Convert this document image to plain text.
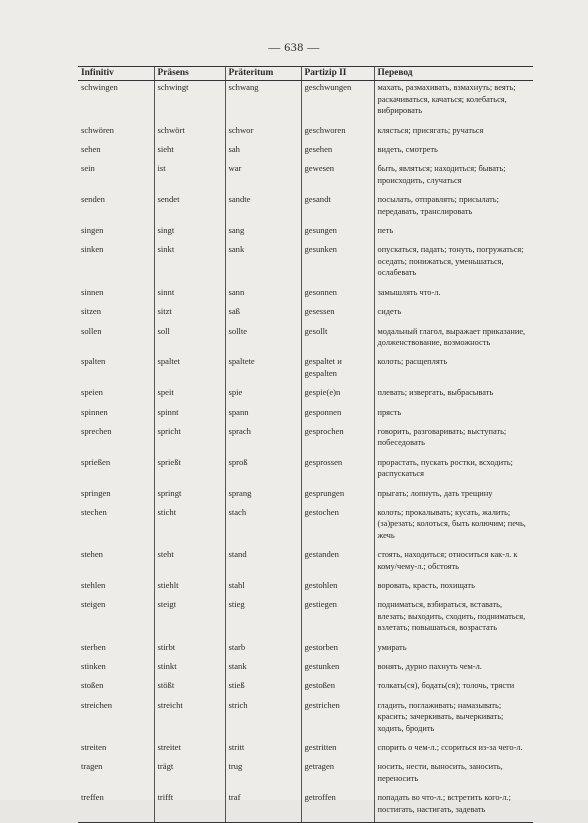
— 638 —
Infinitiv	Präsens	Präteritum	Partizip II	Перевод
schwingen	schwingt	schwang	geschwungen	махать, размахивать, взмахнуть; веять; раскачиваться, качаться; колебаться, вибрировать
schwören	schwört	schwor	geschworen	клясться; присягать; ручаться
sehen	sieht	sah	gesehen	видеть, смотреть
sein	ist	war	gewesen	быть, являться; находиться; бывать; происходить, случаться
senden	sendet	sandte	gesandt	посылать, отправлять; присылать; передавать, транслировать
singen	singt	sang	gesungen	петь
sinken	sinkt	sank	gesunken	опускаться, падать; тонуть, погружаться; оседать; понижаться, уменьшаться, ослабевать
sinnen	sinnt	sann	gesonnen	замышлять что-л.
sitzen	sitzt	saß	gesessen	сидеть
sollen	soll	sollte	gesollt	модальный глагол, выражает приказание, долженствование, возможность
spalten	spaltet	spaltete	gespaltet и gespalten	колоть; расщеплять
speien	speit	spie	gespie(e)n	плевать; извергать, выбрасывать
spinnen	spinnt	spann	gesponnen	прясть
sprechen	spricht	sprach	gesprochen	говорить, разговаривать; выступать; побеседовать
sprießen	sprießt	sproß	gesprossen	прорастать, пускать ростки, всходить; распускаться
springen	springt	sprang	gesprungen	прыгать; лопнуть, дать трещину
stechen	sticht	stach	gestochen	колоть; прокалывать; кусать, жалить; (за)резать; колоться, быть колючим; печь, жечь
stehen	steht	stand	gestanden	стоять, находиться; относиться как-л. к кому/чему-л.; обстоять
stehlen	stiehlt	stahl	gestohlen	воровать, красть, похищать
steigen	steigt	stieg	gestiegen	подниматься, взбираться, вставать, влезать; выходить, сходить, подниматься, взлетать; повышаться, возрастать
sterben	stirbt	starb	gestorben	умирать
stinken	stinkt	stank	gestunken	вонять, дурно пахнуть чем-л.
stoßen	stößt	stieß	gestoßen	толкать(ся), бодать(ся); толочь, трясти
streichen	streicht	strich	gestrichen	гладить, поглаживать; намазывать; красить; зачеркивать, вычеркивать; ходить, бродить
streiten	streitet	stritt	gestritten	спорить о чем-л.; ссориться из-за чего-л.
tragen	trägt	trug	getragen	носить, нести, выносить, заносить, переносить
treffen	trifft	traf	getroffen	попадать во что-л.; встретить кого-л.; постигать, настигать, задевать
